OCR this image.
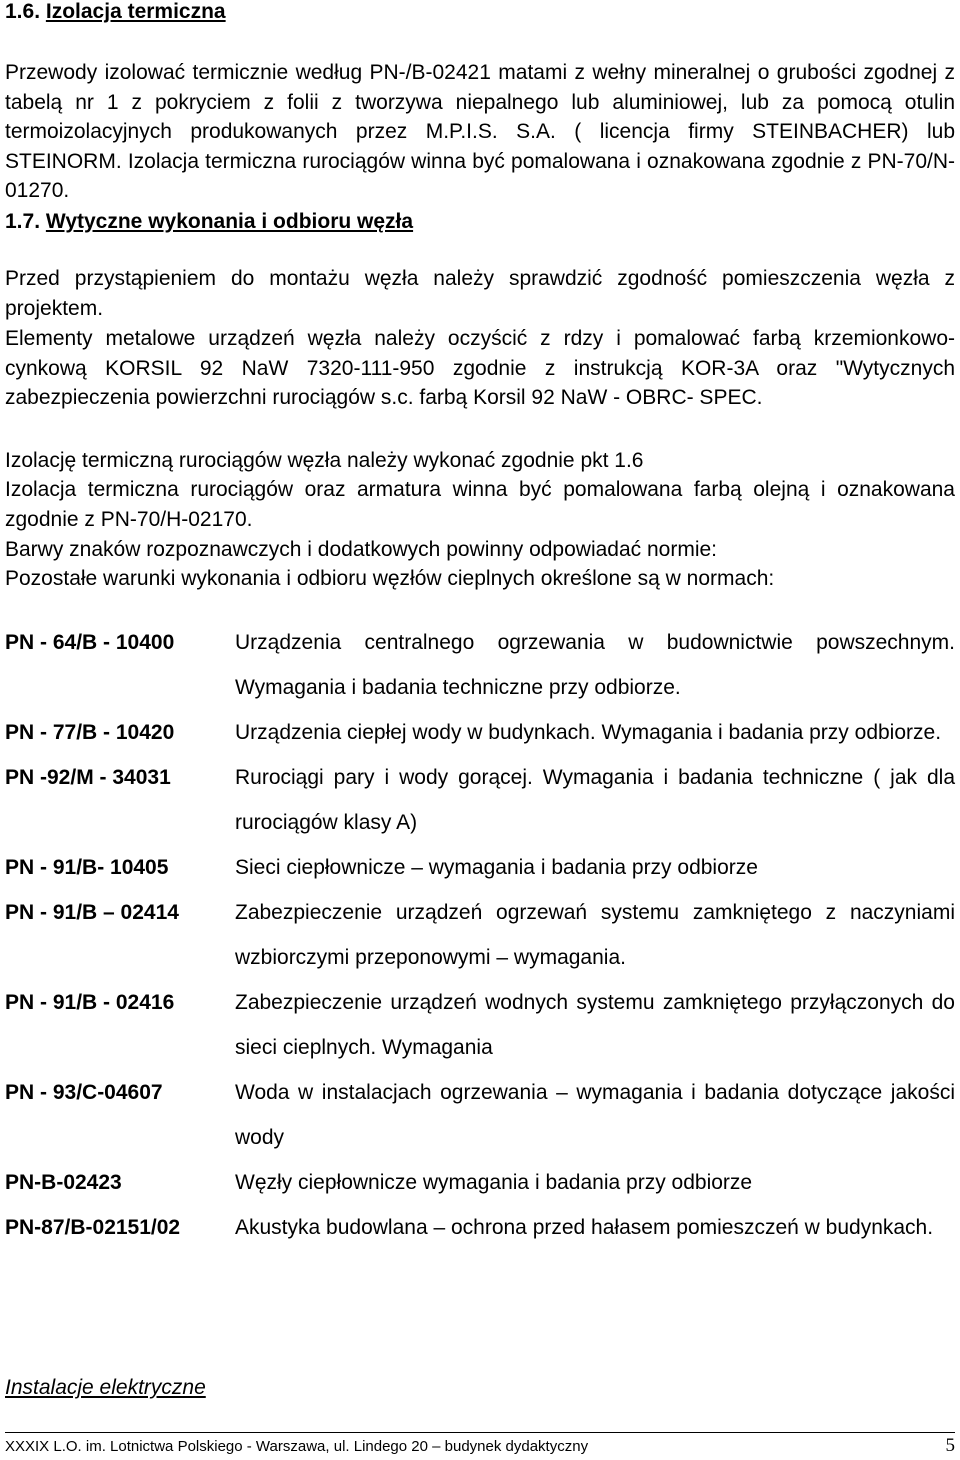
1.6. Izolacja termiczna

Przewody izolować termicznie według PN-/B-02421 matami z wełny mineralnej o grubości zgodnej z tabelą nr 1 z pokryciem z folii z tworzywa niepalnego lub aluminiowej, lub za pomocą otulin termoizolacyjnych produkowanych przez M.P.I.S. S.A. ( licencja firmy STEINBACHER) lub STEINORM. Izolacja termiczna rurociągów winna być pomalowana i oznakowana zgodnie z PN-70/N-01270.

1.7. Wytyczne wykonania i odbioru węzła

Przed przystąpieniem do montażu węzła należy sprawdzić zgodność pomieszczenia węzła z projektem.

Elementy metalowe urządzeń węzła należy oczyścić z rdzy i pomalować farbą krzemionkowo- cynkową KORSIL 92 NaW 7320-111-950 zgodnie z instrukcją KOR-3A oraz "Wytycznych zabezpieczenia powierzchni rurociągów s.c. farbą Korsil 92 NaW - OBRC- SPEC.

Izolację termiczną rurociągów węzła należy wykonać zgodnie pkt 1.6

Izolacja termiczna rurociągów oraz armatura winna być pomalowana farbą olejną i oznakowana zgodnie z PN-70/H-02170.

Barwy znaków rozpoznawczych i dodatkowych powinny odpowiadać normie:

Pozostałe warunki wykonania i odbioru węzłów cieplnych określone są w normach:

PN - 64/B - 10400	Urządzenia centralnego ogrzewania w budownictwie powszechnym. Wymagania i badania techniczne przy odbiorze.
PN - 77/B - 10420	Urządzenia ciepłej wody w budynkach. Wymagania i badania przy odbiorze.
PN -92/M - 34031	Rurociągi pary i wody gorącej. Wymagania i badania techniczne ( jak dla rurociągów klasy A)
PN - 91/B- 10405	Sieci ciepłownicze – wymagania i badania przy odbiorze
PN - 91/B – 02414	Zabezpieczenie urządzeń ogrzewań systemu zamkniętego z naczyniami wzbiorczymi przeponowymi – wymagania.
PN - 91/B - 02416	Zabezpieczenie urządzeń wodnych systemu zamkniętego przyłączonych do sieci cieplnych. Wymagania
PN - 93/C-04607	Woda w instalacjach ogrzewania – wymagania i badania dotyczące jakości wody
PN-B-02423	Węzły ciepłownicze wymagania i badania przy odbiorze
PN-87/B-02151/02	Akustyka budowlana – ochrona przed hałasem pomieszczeń w budynkach.

Instalacje elektryczne

XXXIX L.O. im. Lotnictwa Polskiego - Warszawa, ul. Lindego 20 – budynek dydaktyczny	5
